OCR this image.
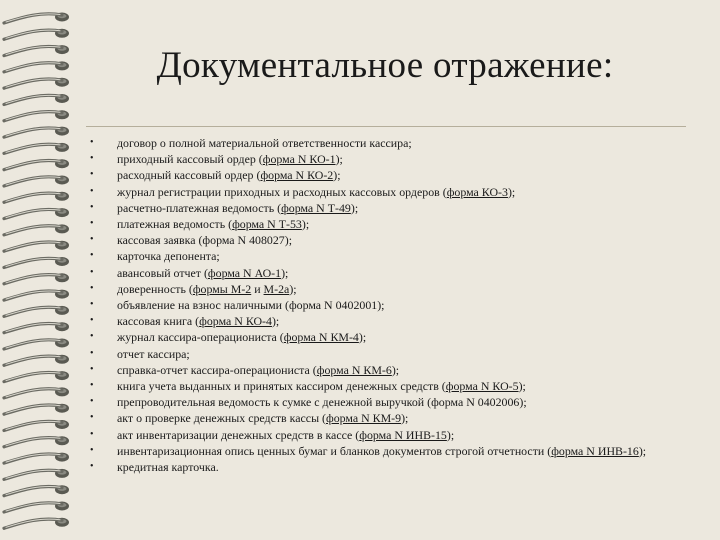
Документальное отражение:
• договор о полной материальной ответственности кассира;
• приходный кассовый ордер (форма N КО-1);
• расходный кассовый ордер (форма N КО-2);
• журнал регистрации приходных и расходных кассовых ордеров (форма КО-3);
• расчетно-платежная ведомость (форма N Т-49);
• платежная ведомость (форма N Т-53);
• кассовая заявка (форма N 408027);
• карточка депонента;
• авансовый отчет (форма N АО-1);
• доверенность (формы М-2 и М-2а);
• объявление на взнос наличными (форма N 0402001);
• кассовая книга (форма N КО-4);
• журнал кассира-операциониста (форма N КМ-4);
• отчет кассира;
• справка-отчет кассира-операциониста (форма N КМ-6);
• книга учета выданных и принятых кассиром денежных средств (форма N КО-5);
• препроводительная ведомость к сумке с денежной выручкой (форма N 0402006);
• акт о проверке денежных средств кассы (форма N КМ-9);
• акт инвентаризации денежных средств в кассе (форма N ИНВ-15);
• инвентаризационная опись ценных бумаг и бланков документов строгой отчетности (форма N ИНВ-16);
• кредитная карточка.
